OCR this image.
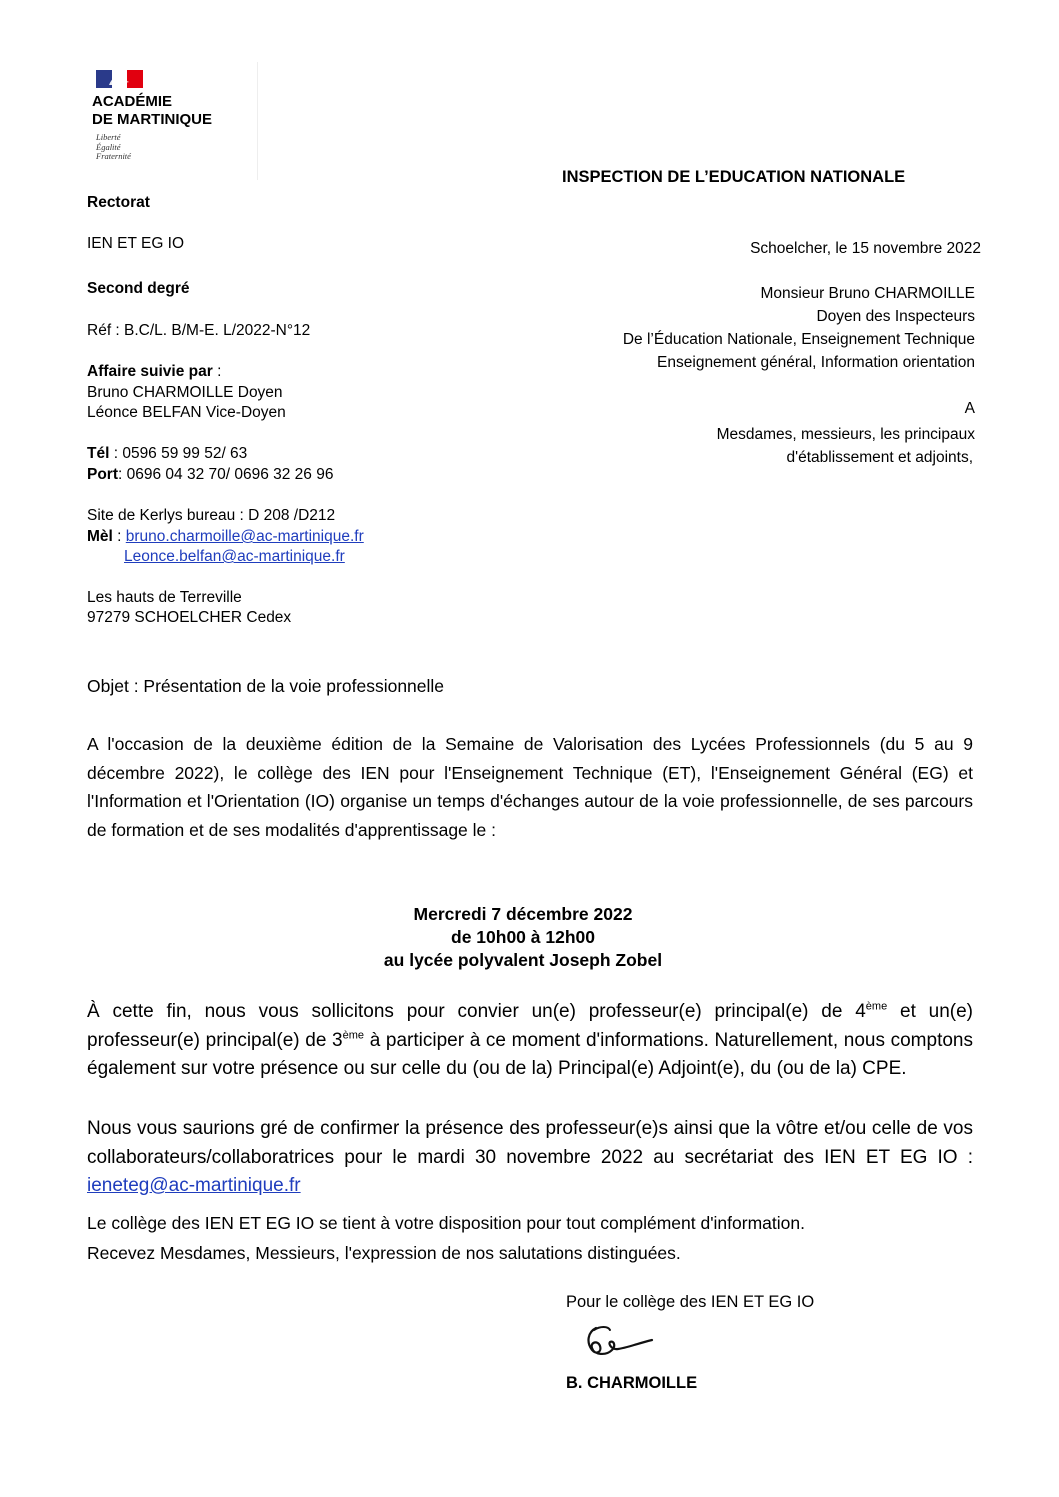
ACADÉMIE
DE MARTINIQUE
Liberté
Égalité
Fraternité
INSPECTION DE L’EDUCATION NATIONALE
Rectorat
IEN ET EG IO
Second degré
Réf : B.C/L. B/M-E. L/2022-N°12
Affaire suivie par :
Bruno CHARMOILLE Doyen
Léonce BELFAN Vice-Doyen
Tél : 0596 59 99 52/ 63
Port: 0696 04 32 70/ 0696 32 26 96
Site de Kerlys bureau : D 208 /D212
Mèl : bruno.charmoille@ac-martinique.fr
Leonce.belfan@ac-martinique.fr
Les hauts de Terreville
97279 SCHOELCHER Cedex
Schoelcher, le 15 novembre 2022
Monsieur Bruno CHARMOILLE
Doyen des Inspecteurs
De l’Éducation Nationale, Enseignement Technique
Enseignement général, Information orientation
A
Mesdames, messieurs, les principaux
d'établissement et adjoints,
Objet : Présentation de la voie professionnelle
A l'occasion de la deuxième édition de la Semaine de Valorisation des Lycées Professionnels (du 5 au 9 décembre 2022), le collège des IEN pour l'Enseignement Technique (ET), l'Enseignement Général (EG) et l'Information et l'Orientation (IO) organise un temps d'échanges autour de la voie professionnelle, de ses parcours de formation et de ses modalités d'apprentissage le :
Mercredi 7 décembre 2022
de 10h00 à 12h00
au lycée polyvalent Joseph Zobel
À cette fin, nous vous sollicitons pour convier un(e) professeur(e) principal(e) de 4ème et un(e) professeur(e) principal(e) de 3ème à participer à ce moment d'informations. Naturellement, nous comptons également sur votre présence ou sur celle du (ou de la) Principal(e) Adjoint(e), du (ou de la) CPE.
Nous vous saurions gré de confirmer la présence des professeur(e)s ainsi que la vôtre et/ou celle de vos collaborateurs/collaboratrices pour le mardi 30 novembre 2022 au secrétariat des IEN ET EG IO : ieneteg@ac-martinique.fr
Le collège des IEN ET EG IO se tient à votre disposition pour tout complément d'information.
Recevez Mesdames, Messieurs, l'expression de nos salutations distinguées.
Pour le collège des IEN ET EG IO
B. CHARMOILLE
